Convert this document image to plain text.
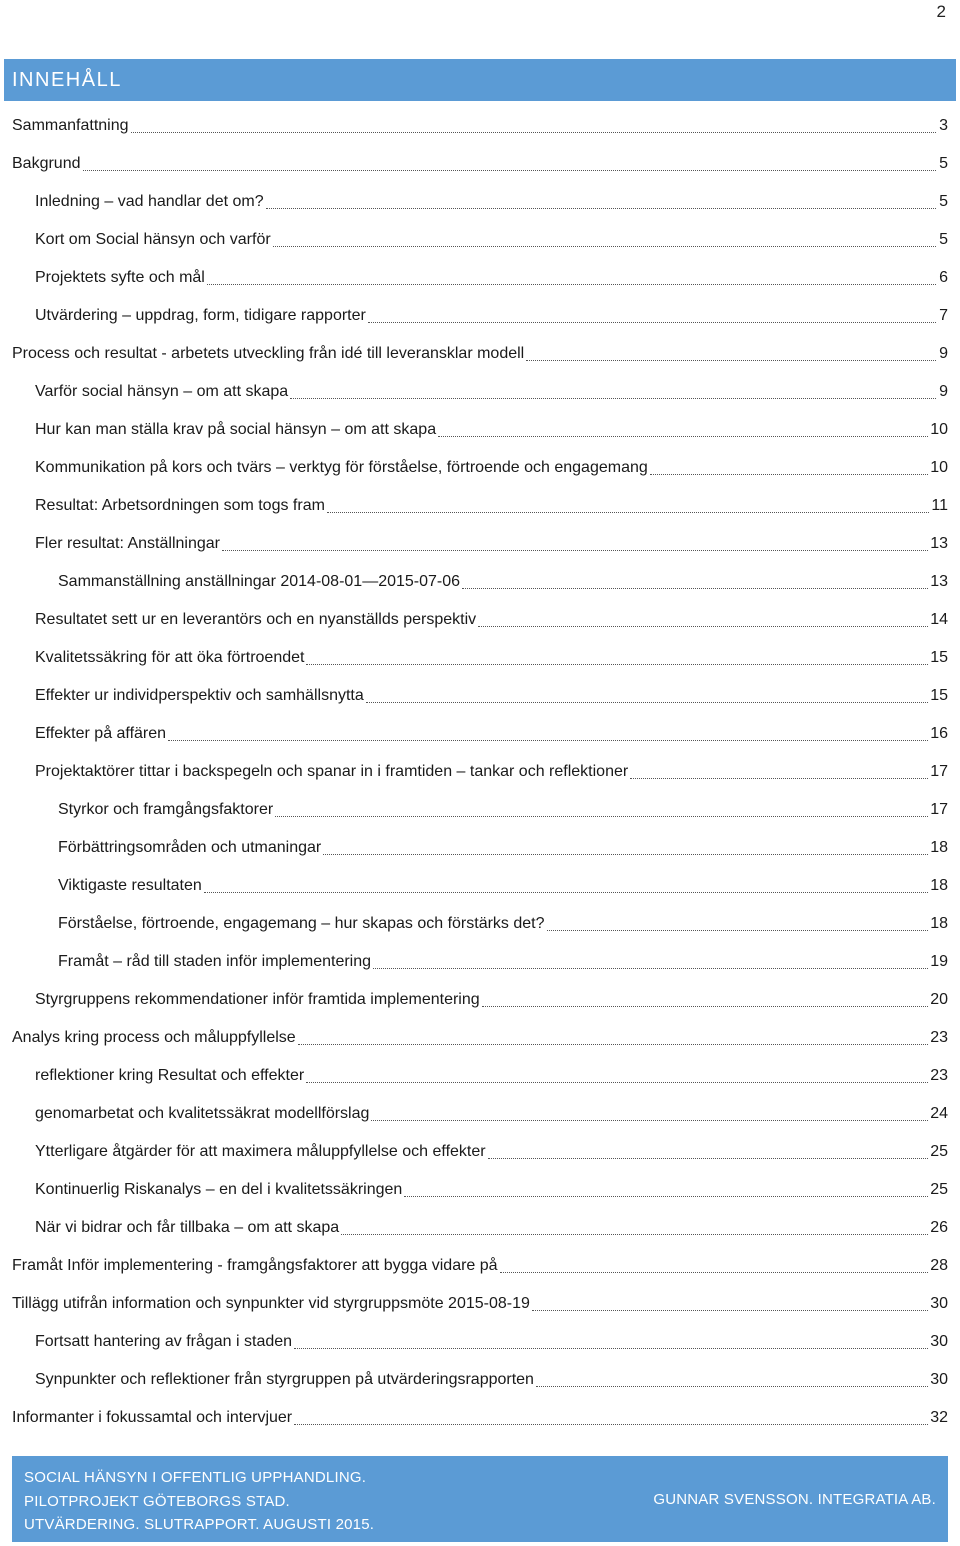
2
INNEHÅLL
Sammanfattning	3
Bakgrund	5
Inledning – vad handlar det om?	5
Kort om Social hänsyn och varför	5
Projektets syfte och mål	6
Utvärdering – uppdrag, form, tidigare rapporter	7
Process och resultat - arbetets utveckling från idé till leveransklar modell	9
Varför social hänsyn – om att skapa	9
Hur kan man ställa krav på social hänsyn – om att skapa	10
Kommunikation på kors och tvärs – verktyg för förståelse, förtroende och engagemang	10
Resultat: Arbetsordningen som togs fram	11
Fler resultat: Anställningar	13
Sammanställning anställningar 2014-08-01—2015-07-06	13
Resultatet sett ur en leverantörs och en nyanställds perspektiv	14
Kvalitetssäkring för att öka förtroendet	15
Effekter ur individperspektiv och samhällsnytta	15
Effekter på affären	16
Projektaktörer tittar i backspegeln och spanar in i framtiden – tankar och reflektioner	17
Styrkor och framgångsfaktorer	17
Förbättringsområden och utmaningar	18
Viktigaste resultaten	18
Förståelse, förtroende, engagemang – hur skapas och förstärks det?	18
Framåt – råd till staden inför implementering	19
Styrgruppens rekommendationer inför framtida implementering	20
Analys kring process och måluppfyllelse	23
reflektioner kring Resultat och effekter	23
genomarbetat och kvalitetssäkrat modellförslag	24
Ytterligare åtgärder för att maximera måluppfyllelse och effekter	25
Kontinuerlig Riskanalys – en del i kvalitetssäkringen	25
När vi bidrar och får tillbaka – om att skapa	26
Framåt Inför implementering - framgångsfaktorer att bygga vidare på	28
Tillägg utifrån information och synpunkter vid styrgruppsmöte 2015-08-19	30
Fortsatt hantering av frågan i staden	30
Synpunkter och reflektioner från styrgruppen på utvärderingsrapporten	30
Informanter i fokussamtal och intervjuer	32
SOCIAL HÄNSYN I OFFENTLIG UPPHANDLING.
PILOTPROJEKT GÖTEBORGS STAD.
UTVÄRDERING. SLUTRAPPORT. AUGUSTI 2015.
GUNNAR SVENSSON. INTEGRATIA AB.
